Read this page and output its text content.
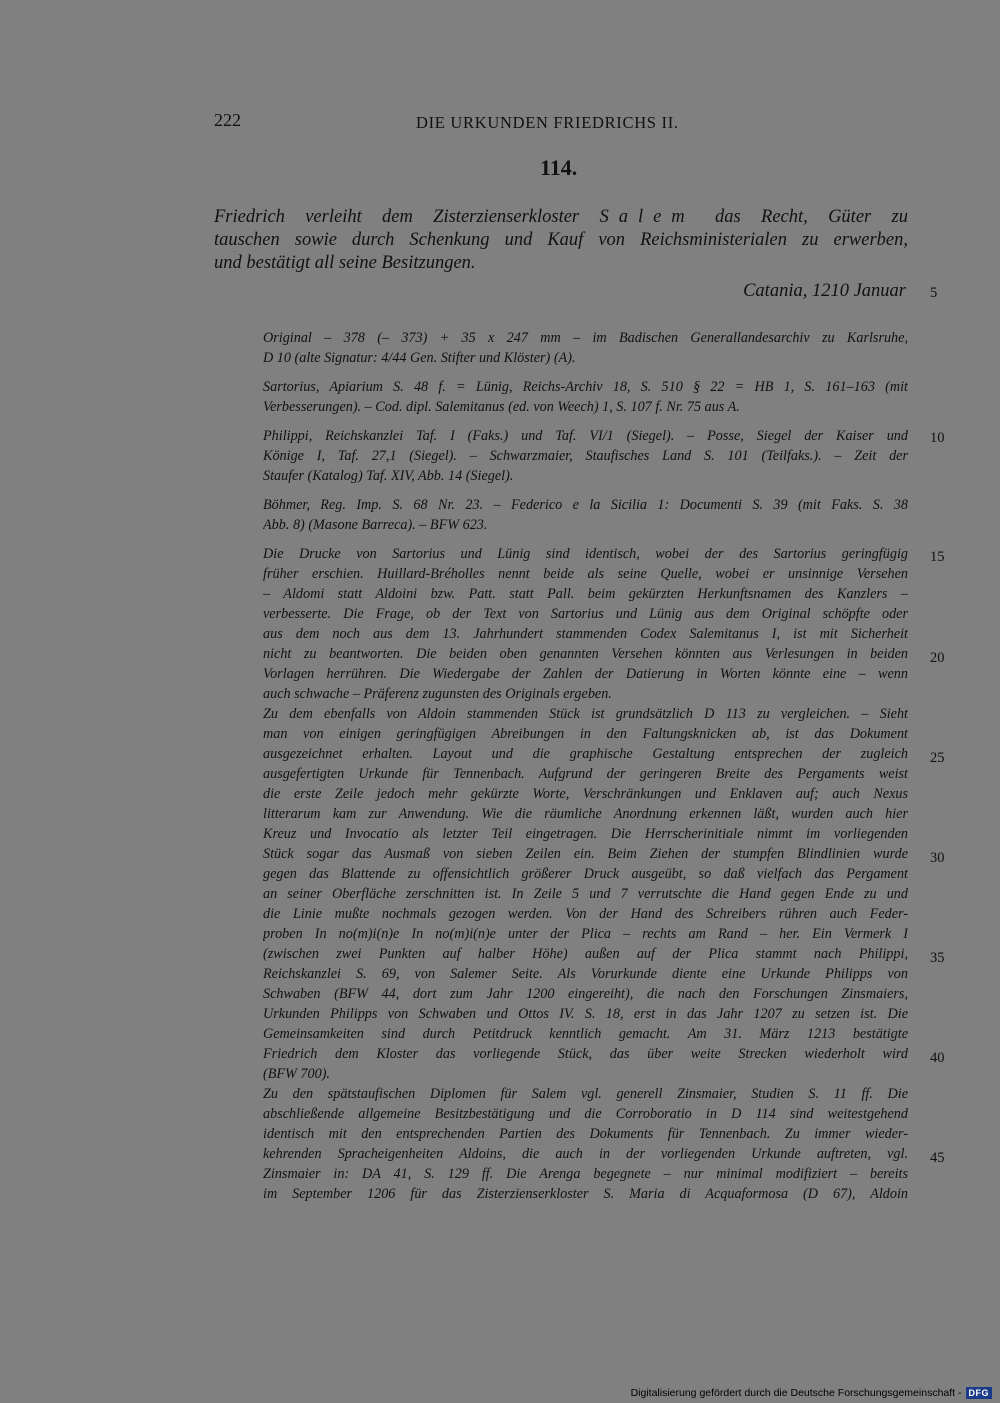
222	DIE URKUNDEN FRIEDRICHS II.
114.
Friedrich verleiht dem Zisterzienserkloster Salem das Recht, Güter zu
tauschen sowie durch Schenkung und Kauf von Reichsministerialen zu erwerben,
und bestätigt all seine Besitzungen.
Catania, 1210 Januar 5
10
15
20
25
30
35
40
45
Original – 378 (– 373) + 35 x 247 mm – im Badischen Generallandesarchiv zu Karlsruhe,
D 10 (alte Signatur: 4/44 Gen. Stifter und Klöster) (A).
Sartorius, Apiarium S. 48 f. = Lünig, Reichs-Archiv 18, S. 510 § 22 = HB 1, S. 161–163 (mit
Verbesserungen). – Cod. dipl. Salemitanus (ed. von Weech) 1, S. 107 f. Nr. 75 aus A.
Philippi, Reichskanzlei Taf. I (Faks.) und Taf. VI/1 (Siegel). – Posse, Siegel der Kaiser und
Könige I, Taf. 27,1 (Siegel). – Schwarzmaier, Staufisches Land S. 101 (Teilfaks.). – Zeit der
Staufer (Katalog) Taf. XIV, Abb. 14 (Siegel).
Böhmer, Reg. Imp. S. 68 Nr. 23. – Federico e la Sicilia 1: Documenti S. 39 (mit Faks. S. 38
Abb. 8) (Masone Barreca). – BFW 623.
Die Drucke von Sartorius und Lünig sind identisch, wobei der des Sartorius geringfügig
früher erschien. Huillard-Bréholles nennt beide als seine Quelle, wobei er unsinnige Versehen
– Aldomi statt Aldoini bzw. Patt. statt Pall. beim gekürzten Herkunftsnamen des Kanzlers –
verbesserte. Die Frage, ob der Text von Sartorius und Lünig aus dem Original schöpfte oder
aus dem noch aus dem 13. Jahrhundert stammenden Codex Salemitanus I, ist mit Sicherheit
nicht zu beantworten. Die beiden oben genannten Versehen könnten aus Verlesungen in beiden
Vorlagen herrühren. Die Wiedergabe der Zahlen der Datierung in Worten könnte eine – wenn
auch schwache – Präferenz zugunsten des Originals ergeben.
Zu dem ebenfalls von Aldoin stammenden Stück ist grundsätzlich D 113 zu vergleichen. – Sieht
man von einigen geringfügigen Abreibungen in den Faltungsknicken ab, ist das Dokument
ausgezeichnet erhalten. Layout und die graphische Gestaltung entsprechen der zugleich
ausgefertigten Urkunde für Tennenbach. Aufgrund der geringeren Breite des Pergaments weist
die erste Zeile jedoch mehr gekürzte Worte, Verschränkungen und Enklaven auf; auch Nexus
litterarum kam zur Anwendung. Wie die räumliche Anordnung erkennen läßt, wurden auch hier
Kreuz und Invocatio als letzter Teil eingetragen. Die Herrscherinitiale nimmt im vorliegenden
Stück sogar das Ausmaß von sieben Zeilen ein. Beim Ziehen der stumpfen Blindlinien wurde
gegen das Blattende zu offensichtlich größerer Druck ausgeübt, so daß vielfach das Pergament
an seiner Oberfläche zerschnitten ist. In Zeile 5 und 7 verrutschte die Hand gegen Ende zu und
die Linie mußte nochmals gezogen werden. Von der Hand des Schreibers rühren auch Feder-
proben In no(m)i(n)e In no(m)i(n)e unter der Plica – rechts am Rand – her. Ein Vermerk I
(zwischen zwei Punkten auf halber Höhe) außen auf der Plica stammt nach Philippi,
Reichskanzlei S. 69, von Salemer Seite. Als Vorurkunde diente eine Urkunde Philipps von
Schwaben (BFW 44, dort zum Jahr 1200 eingereiht), die nach den Forschungen Zinsmaiers,
Urkunden Philipps von Schwaben und Ottos IV. S. 18, erst in das Jahr 1207 zu setzen ist. Die
Gemeinsamkeiten sind durch Petitdruck kenntlich gemacht. Am 31. März 1213 bestätigte
Friedrich dem Kloster das vorliegende Stück, das über weite Strecken wiederholt wird
(BFW 700).
Zu den spätstaufischen Diplomen für Salem vgl. generell Zinsmaier, Studien S. 11 ff. Die
abschließende allgemeine Besitzbestätigung und die Corroboratio in D 114 sind weitestgehend
identisch mit den entsprechenden Partien des Dokuments für Tennenbach. Zu immer wieder-
kehrenden Spracheigenheiten Aldoins, die auch in der vorliegenden Urkunde auftreten, vgl.
Zinsmaier in: DA 41, S. 129 ff. Die Arenga begegnete – nur minimal modifiziert – bereits
im September 1206 für das Zisterzienserkloster S. Maria di Acquaformosa (D 67), Aldoin
Digitalisierung gefördert durch die Deutsche Forschungsgemeinschaft - DFG
